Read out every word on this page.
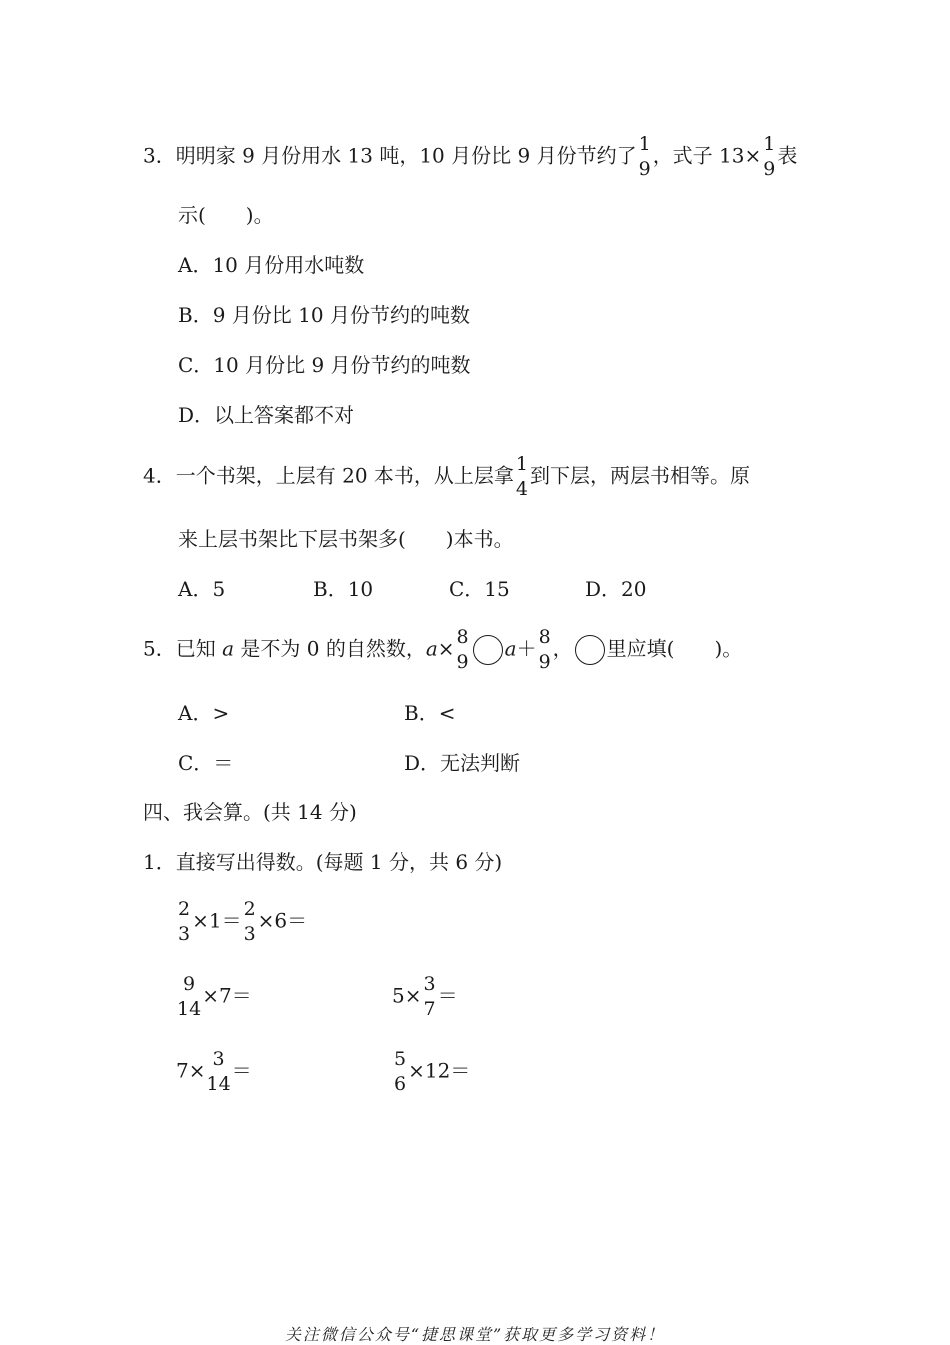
3．明明家 9 月份用水 13 吨，10 月份比 9 月份节约了 1
9
，式子 13× 1
9
表
示(　　)。
A．10 月份用水吨数
B．9 月份比 10 月份节约的吨数
C．10 月份比 9 月份节约的吨数
D．以上答案都不对
4．一个书架，上层有 20 本书，从上层拿 1
4
到下层，两层书相等。原
来上层书架比下层书架多(　　)本书。
A．5	B．10	C．15	D．20
5．已知 a 是不为 0 的自然数，a× 8
9
a＋ 8
9
， 里应填(　　)。
A．>	B．<
C．＝	D．无法判断
四、我会算。(共 14 分)
1．直接写出得数。(每题 1 分，共 6 分)
2
3
×1＝ 2
3
×6＝
9
14
×7＝	5× 3
7
＝
7× 3
14
＝	5
6
×12＝
关注微信公众号“捷思课堂”获取更多学习资料！
